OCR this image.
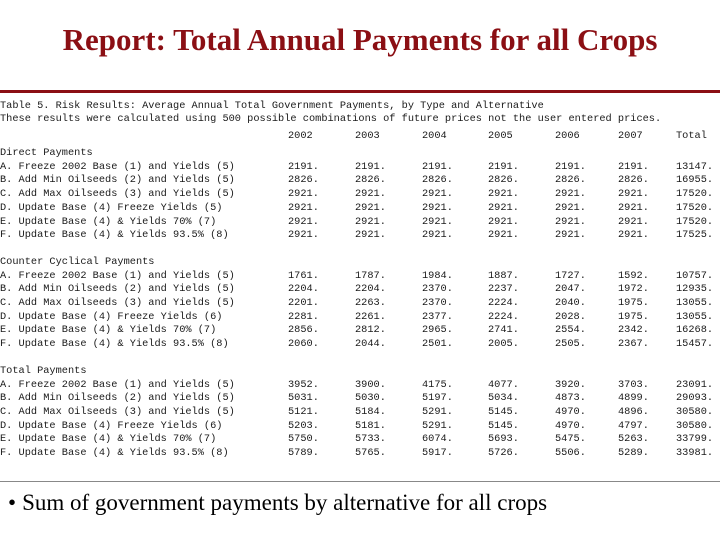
Report: Total Annual Payments for all Crops
Table 5. Risk Results: Average Annual Total Government Payments, by Type and Alternative
These results were calculated using 500 possible combinations of future prices not the user entered prices.
2002	2003	2004	2005	2006	2007	Total
Direct Payments
A. Freeze 2002 Base (1) and Yields (5)	2191.	2191.	2191.	2191.	2191.	2191.	13147.
B. Add Min Oilseeds (2) and Yields (5)	2826.	2826.	2826.	2826.	2826.	2826.	16955.
C. Add Max Oilseeds (3) and Yields (5)	2921.	2921.	2921.	2921.	2921.	2921.	17520.
D. Update Base (4) Freeze Yields (5)	2921.	2921.	2921.	2921.	2921.	2921.	17520.
E. Update Base (4) & Yields 70% (7)	2921.	2921.	2921.	2921.	2921.	2921.	17520.
F. Update Base (4) & Yields 93.5% (8)	2921.	2921.	2921.	2921.	2921.	2921.	17525.
Counter Cyclical Payments
A. Freeze 2002 Base (1) and Yields (5)	1761.	1787.	1984.	1887.	1727.	1592.	10757.
B. Add Min Oilseeds (2) and Yields (5)	2204.	2204.	2370.	2237.	2047.	1972.	12935.
C. Add Max Oilseeds (3) and Yields (5)	2201.	2263.	2370.	2224.	2040.	1975.	13055.
D. Update Base (4) Freeze Yields (6)	2281.	2261.	2377.	2224.	2028.	1975.	13055.
E. Update Base (4) & Yields 70% (7)	2856.	2812.	2965.	2741.	2554.	2342.	16268.
F. Update Base (4) & Yields 93.5% (8)	2060.	2044.	2501.	2005.	2505.	2367.	15457.
Total Payments
A. Freeze 2002 Base (1) and Yields (5)	3952.	3900.	4175.	4077.	3920.	3703.	23091.
B. Add Min Oilseeds (2) and Yields (5)	5031.	5030.	5197.	5034.	4873.	4899.	29093.
C. Add Max Oilseeds (3) and Yields (5)	5121.	5184.	5291.	5145.	4970.	4896.	30580.
D. Update Base (4) Freeze Yields (6)	5203.	5181.	5291.	5145.	4970.	4797.	30580.
E. Update Base (4) & Yields 70% (7)	5750.	5733.	6074.	5693.	5475.	5263.	33799.
F. Update Base (4) & Yields 93.5% (8)	5789.	5765.	5917.	5726.	5506.	5289.	33981.
• Sum of government payments by alternative for all crops
